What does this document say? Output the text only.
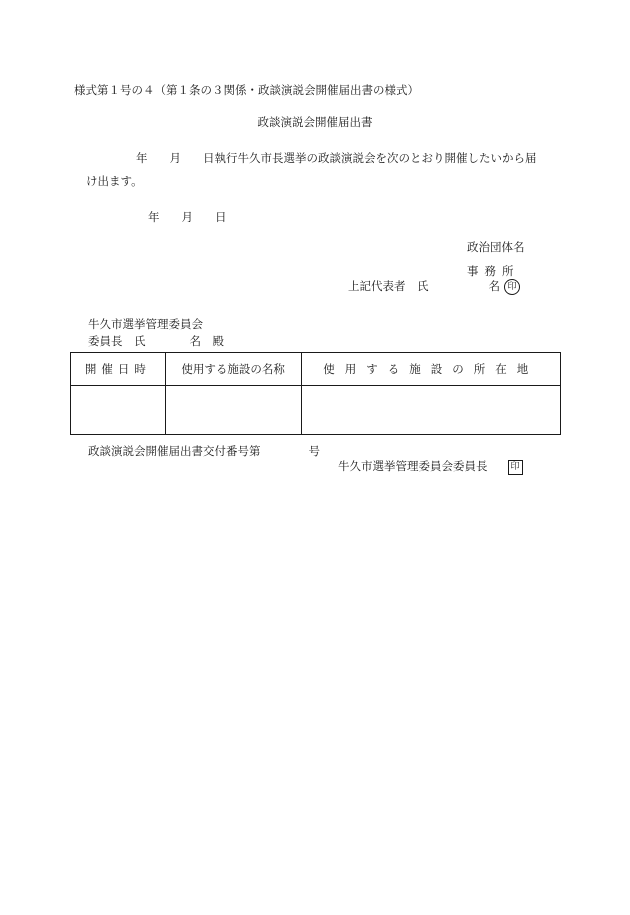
様式第１号の４（第１条の３関係・政談演説会開催届出書の様式）
政談演説会開催届出書
年 月 日執行牛久市長選挙の政談演説会を次のとおり開催したいから届
け出ます。
年 月 日
政治団体名
事務所
上記代表者　氏	名 印
牛久市選挙管理委員会
委員長　氏	名　殿
開催日時	使用する施設の名称	使用する施設の所在地

政談演説会開催届出書交付番号第	号
牛久市選挙管理委員会委員長	印
